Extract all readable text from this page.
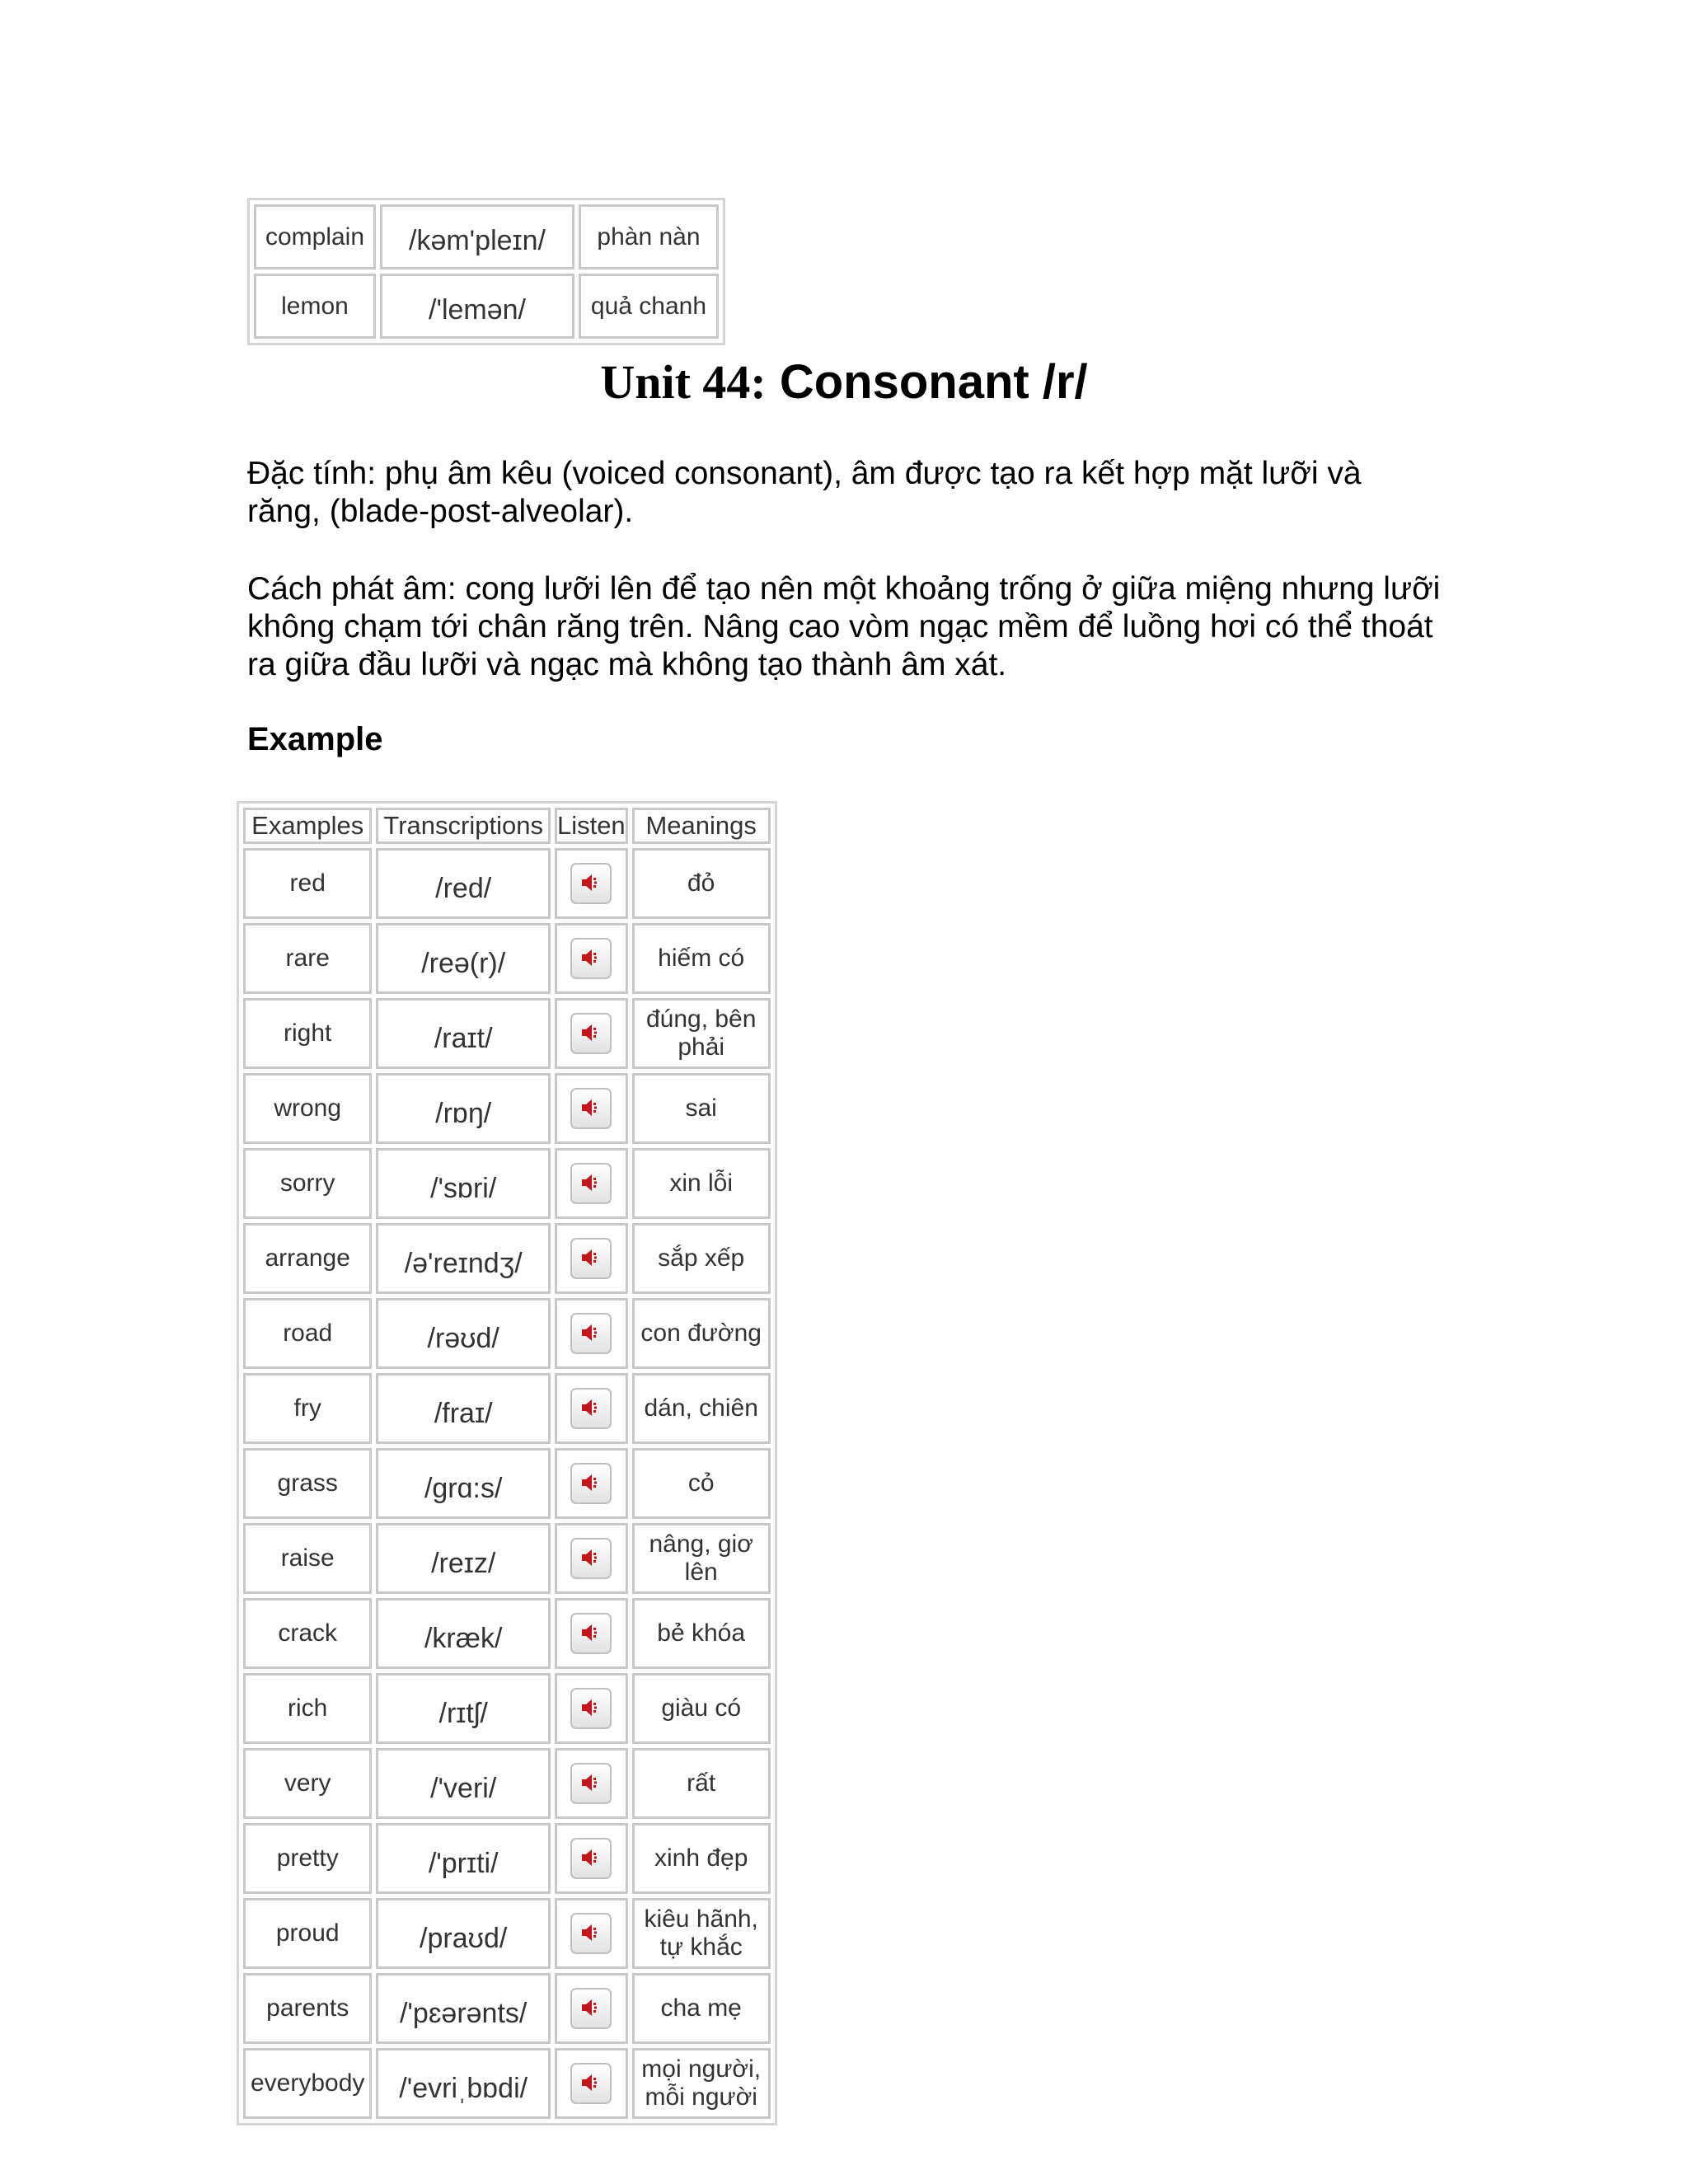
complain	/kəm'pleɪn/	phàn nàn
lemon	/'lemən/	quả chanh
Unit 44: Consonant /r/

Đặc tính: phụ âm kêu (voiced consonant), âm được tạo ra kết hợp mặt lưỡi và răng, (blade-post-alveolar).

Cách phát âm: cong lưỡi lên để tạo nên một khoảng trống ở giữa miệng nhưng lưỡi không chạm tới chân răng trên. Nâng cao vòm ngạc mềm để luồng hơi có thể thoát ra giữa đầu lưỡi và ngạc mà không tạo thành âm xát.

Example
Examples	Transcriptions	Listen	Meanings
red	/red/		đỏ
rare	/reə(r)/		hiếm có
right	/raɪt/		đúng, bên phải
wrong	/rɒŋ/		sai
sorry	/'sɒri/		xin lỗi
arrange	/ə'reɪndʒ/		sắp xếp
road	/rəʊd/		con đường
fry	/fraɪ/		dán, chiên
grass	/grɑ:s/		cỏ
raise	/reɪz/		nâng, giơ lên
crack	/kræk/		bẻ khóa
rich	/rɪtʃ/		giàu có
very	/'veri/		rất
pretty	/'prɪti/		xinh đẹp
proud	/praʊd/		kiêu hãnh, tự khắc
parents	/'pɛərənts/		cha mẹ
everybody	/'evriˌbɒdi/		mọi người, mỗi người
